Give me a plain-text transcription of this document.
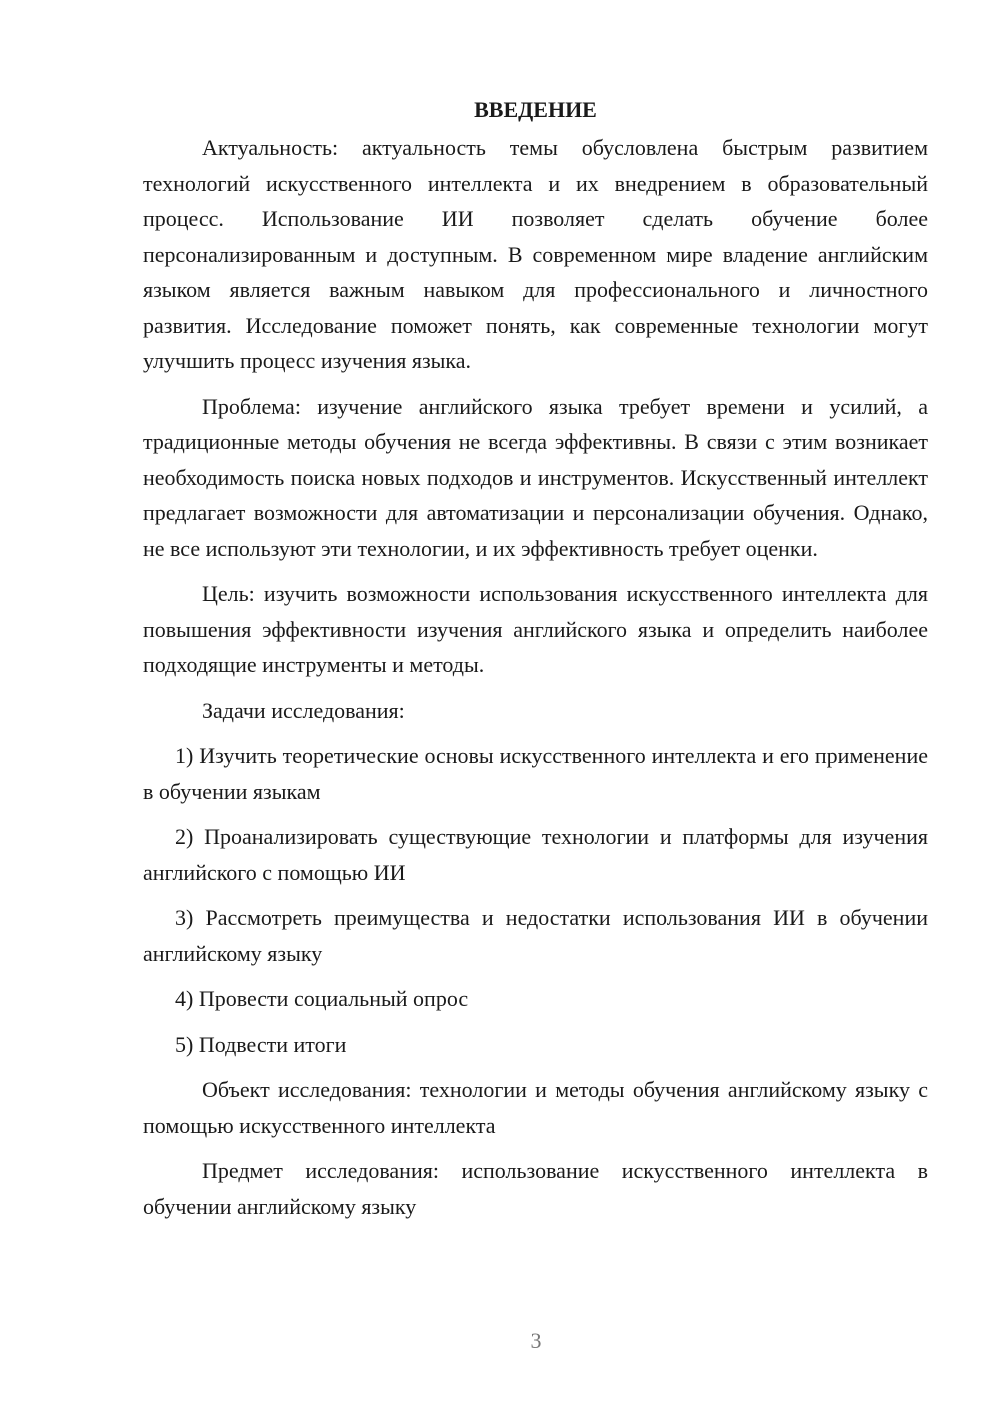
ВВЕДЕНИЕ

Актуальность: актуальность темы обусловлена быстрым развитием технологий искусственного интеллекта и их внедрением в образовательный процесс. Использование ИИ позволяет сделать обучение более персонализированным и доступным. В современном мире владение английским языком является важным навыком для профессионального и личностного развития. Исследование поможет понять, как современные технологии могут улучшить процесс изучения языка.

Проблема: изучение английского языка требует времени и усилий, а традиционные методы обучения не всегда эффективны. В связи с этим возникает необходимость поиска новых подходов и инструментов. Искусственный интеллект предлагает возможности для автоматизации и персонализации обучения. Однако, не все используют эти технологии, и их эффективность требует оценки.

Цель: изучить возможности использования искусственного интеллекта для повышения эффективности изучения английского языка и определить наиболее подходящие инструменты и методы.

Задачи исследования:

1) Изучить теоретические основы искусственного интеллекта и его применение в обучении языкам

2) Проанализировать существующие технологии и платформы для изучения английского с помощью ИИ

3) Рассмотреть преимущества и недостатки использования ИИ в обучении английскому языку

4) Провести социальный опрос

5) Подвести итоги

Объект исследования: технологии и методы обучения английскому языку с помощью искусственного интеллекта

Предмет исследования: использование искусственного интеллекта в обучении английскому языку

3
